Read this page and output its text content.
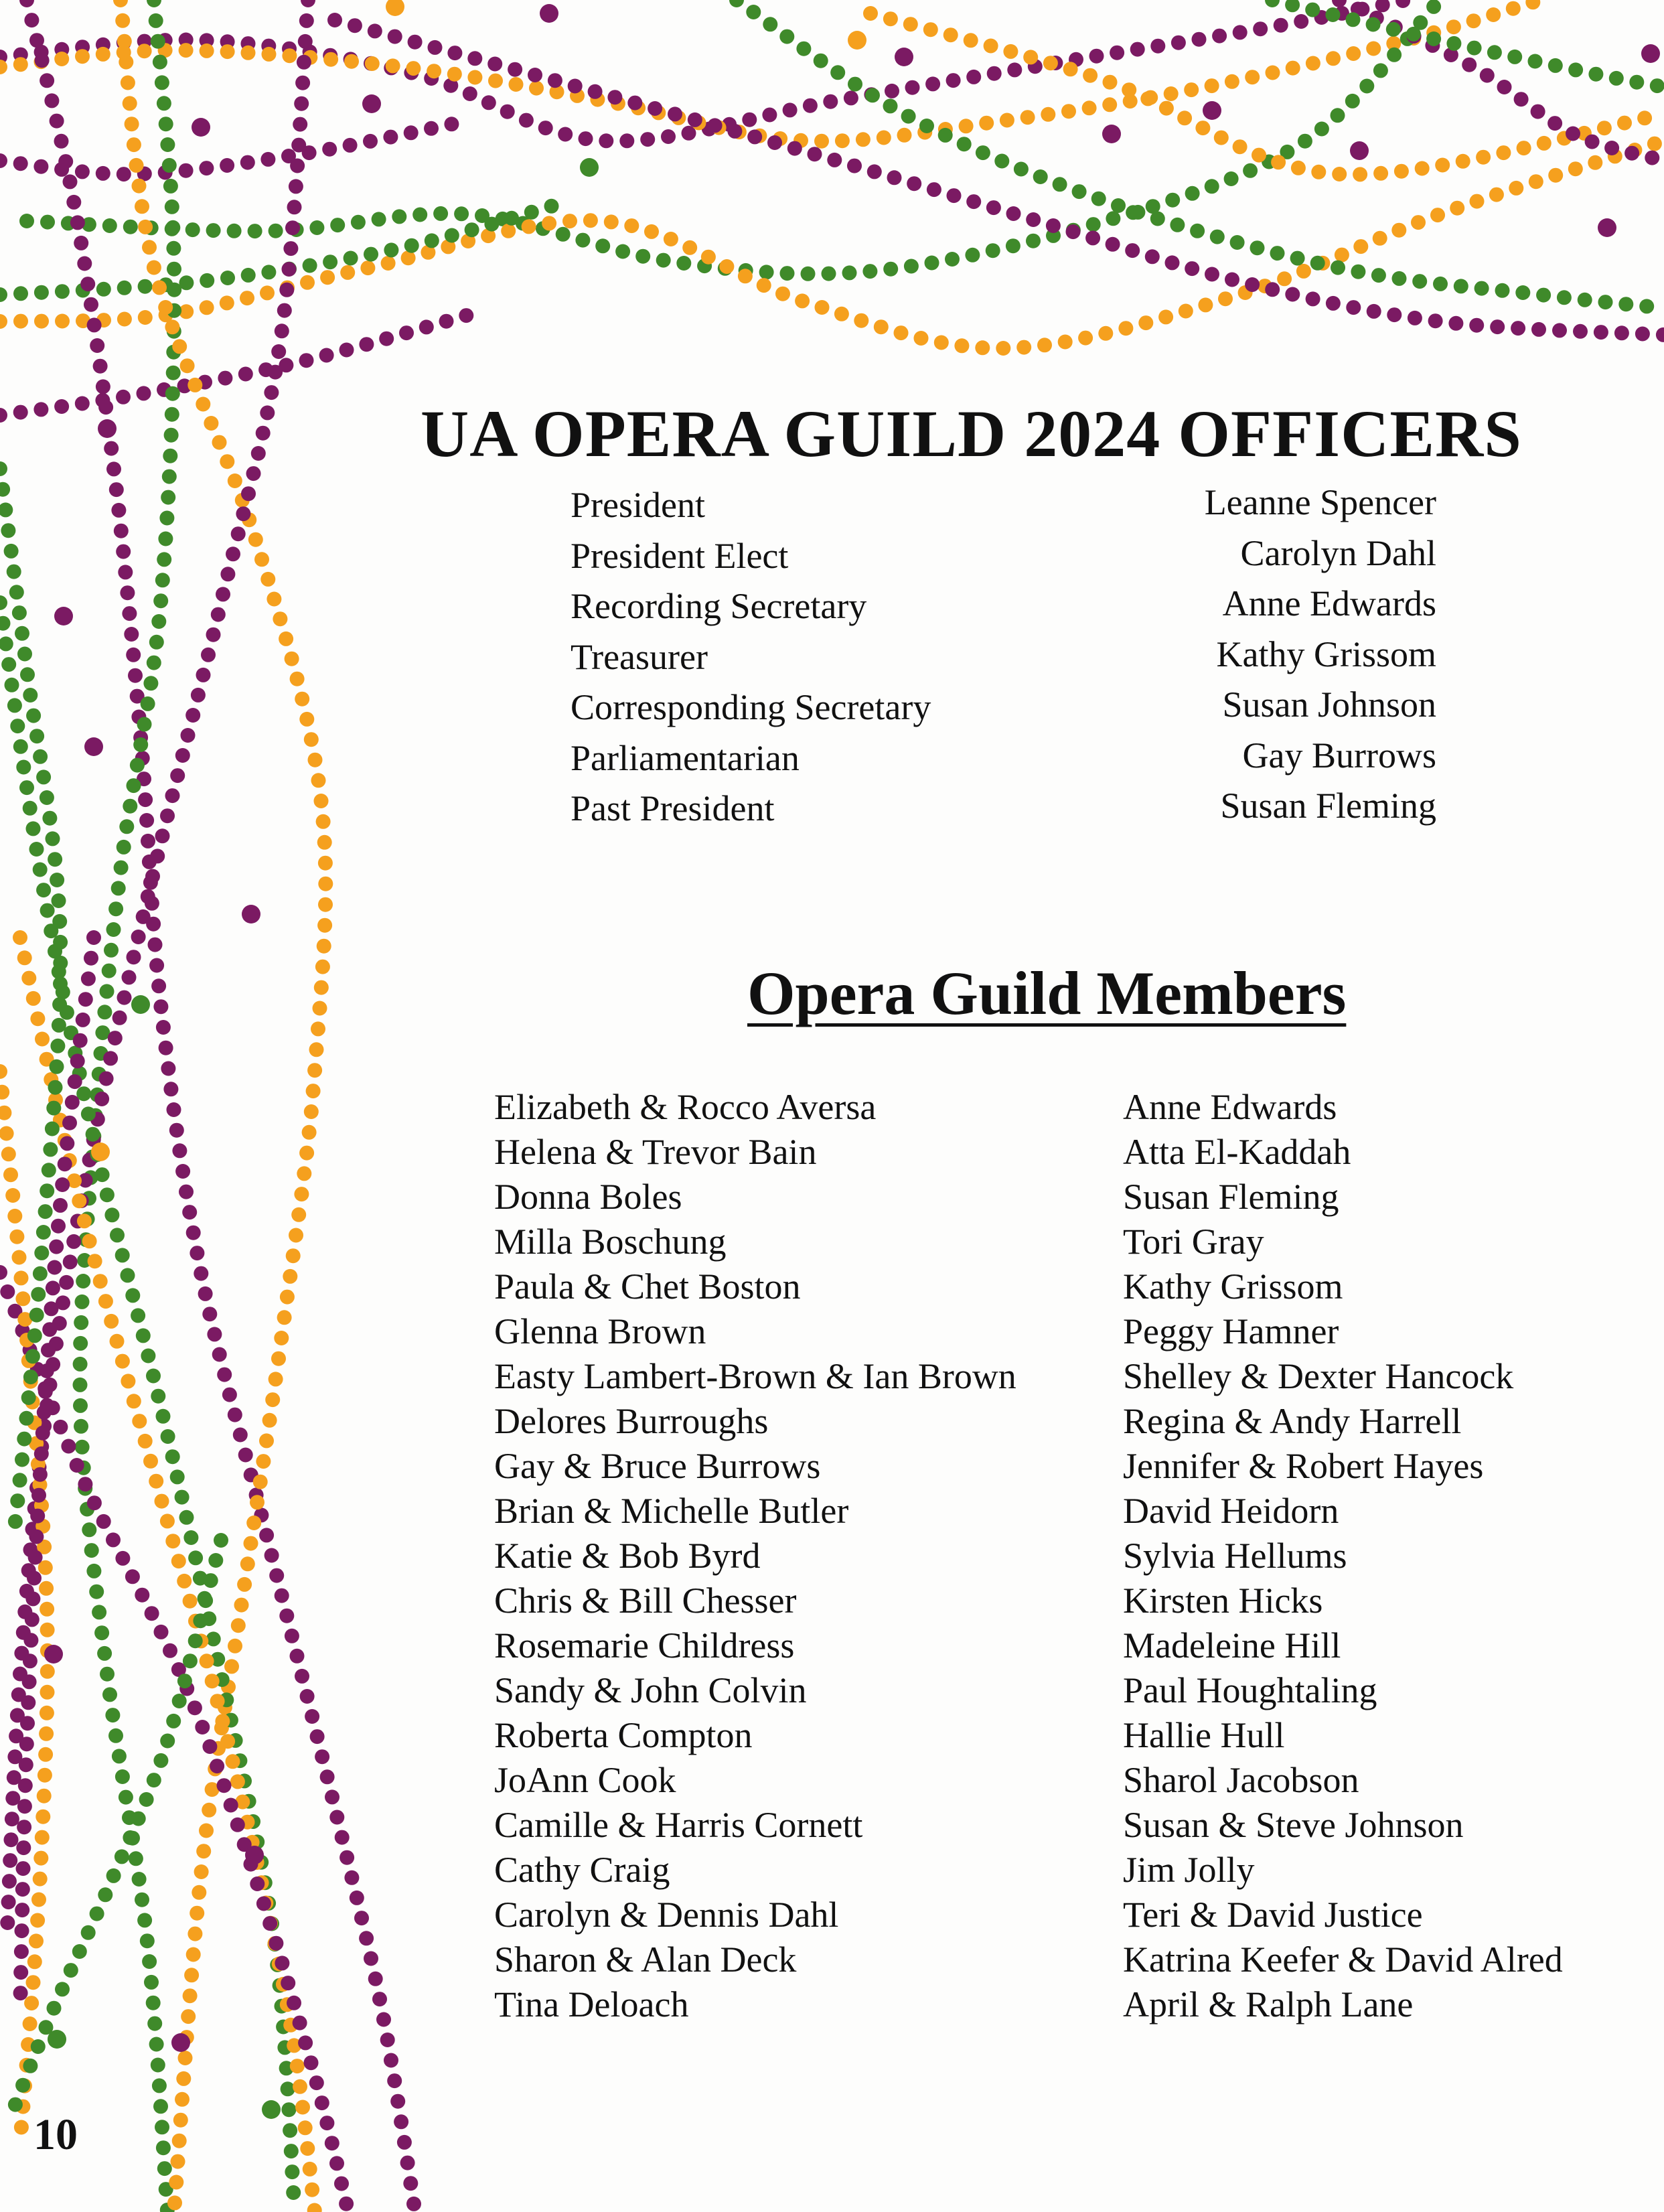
UA OPERA GUILD 2024 OFFICERS

President	Leanne Spencer

President Elect	Carolyn Dahl

Recording Secretary	Anne Edwards

Treasurer	Kathy Grissom

Corresponding Secretary	Susan Johnson

Parliamentarian	Gay Burrows

Past President	Susan Fleming

Opera Guild Members
Elizabeth & Rocco Aversa
Helena & Trevor Bain
Donna Boles
Milla Boschung
Paula & Chet Boston
Glenna Brown
Easty Lambert-Brown & Ian Brown
Delores Burroughs
Gay & Bruce Burrows
Brian & Michelle Butler
Katie & Bob Byrd
Chris & Bill Chesser
Rosemarie Childress
Sandy & John Colvin
Roberta Compton
JoAnn Cook
Camille & Harris Cornett
Cathy Craig
Carolyn & Dennis Dahl
Sharon & Alan Deck
Tina Deloach
Anne Edwards
Atta El-Kaddah
Susan Fleming
Tori Gray
Kathy Grissom
Peggy Hamner
Shelley & Dexter Hancock
Regina & Andy Harrell
Jennifer & Robert Hayes
David Heidorn
Sylvia Hellums
Kirsten Hicks
Madeleine Hill
Paul Houghtaling
Hallie Hull
Sharol Jacobson
Susan & Steve Johnson
Jim Jolly
Teri & David Justice
Katrina Keefer & David Alred
April & Ralph Lane

10
